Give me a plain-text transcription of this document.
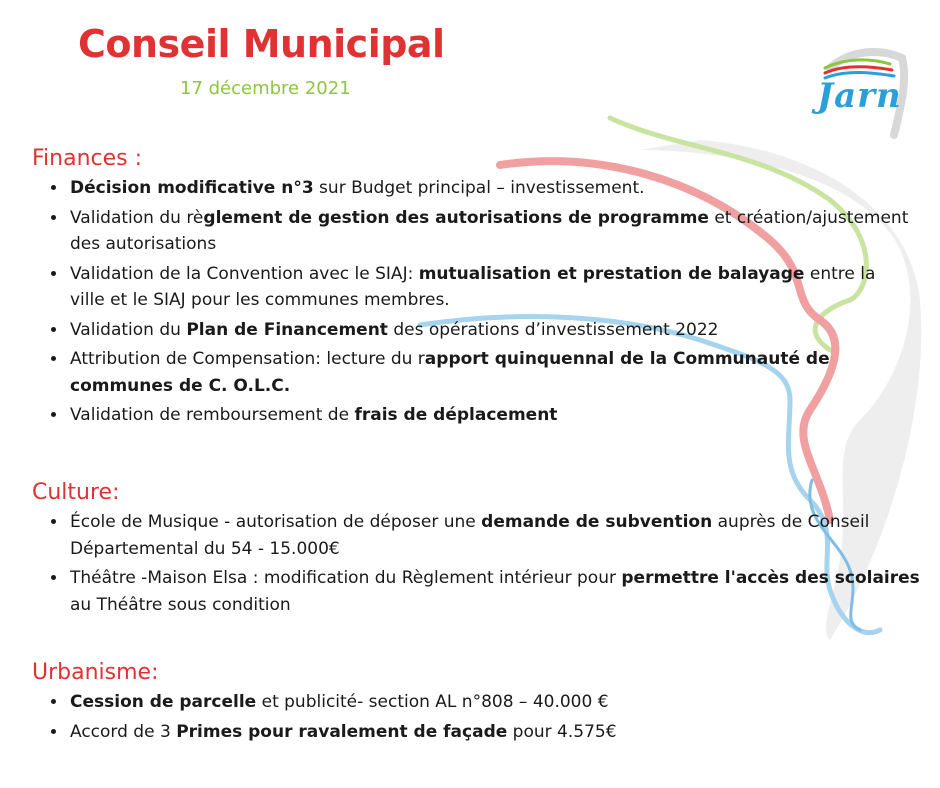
Jarn
Conseil Municipal
17 décembre 2021
Finances :
• Décision modificative n°3 sur Budget principal – investissement.
• Validation du règlement de gestion des autorisations de programme et création/ajustement des autorisations
• Validation de la Convention avec le SIAJ: mutualisation et prestation de balayage entre la ville et le SIAJ pour les communes membres.
• Validation du Plan de Financement des opérations d’investissement 2022
• Attribution de Compensation: lecture du rapport quinquennal de la Communauté de communes de C. O.L.C.
• Validation de remboursement de frais de déplacement
Culture:
• École de Musique - autorisation de déposer une demande de subvention auprès de Conseil Départemental du 54 - 15.000€
• Théâtre -Maison Elsa : modification du Règlement intérieur pour permettre l'accès des scolaires au Théâtre sous condition
Urbanisme:
• Cession de parcelle et publicité- section AL n°808 – 40.000 €
• Accord de 3 Primes pour ravalement de façade pour 4.575€
